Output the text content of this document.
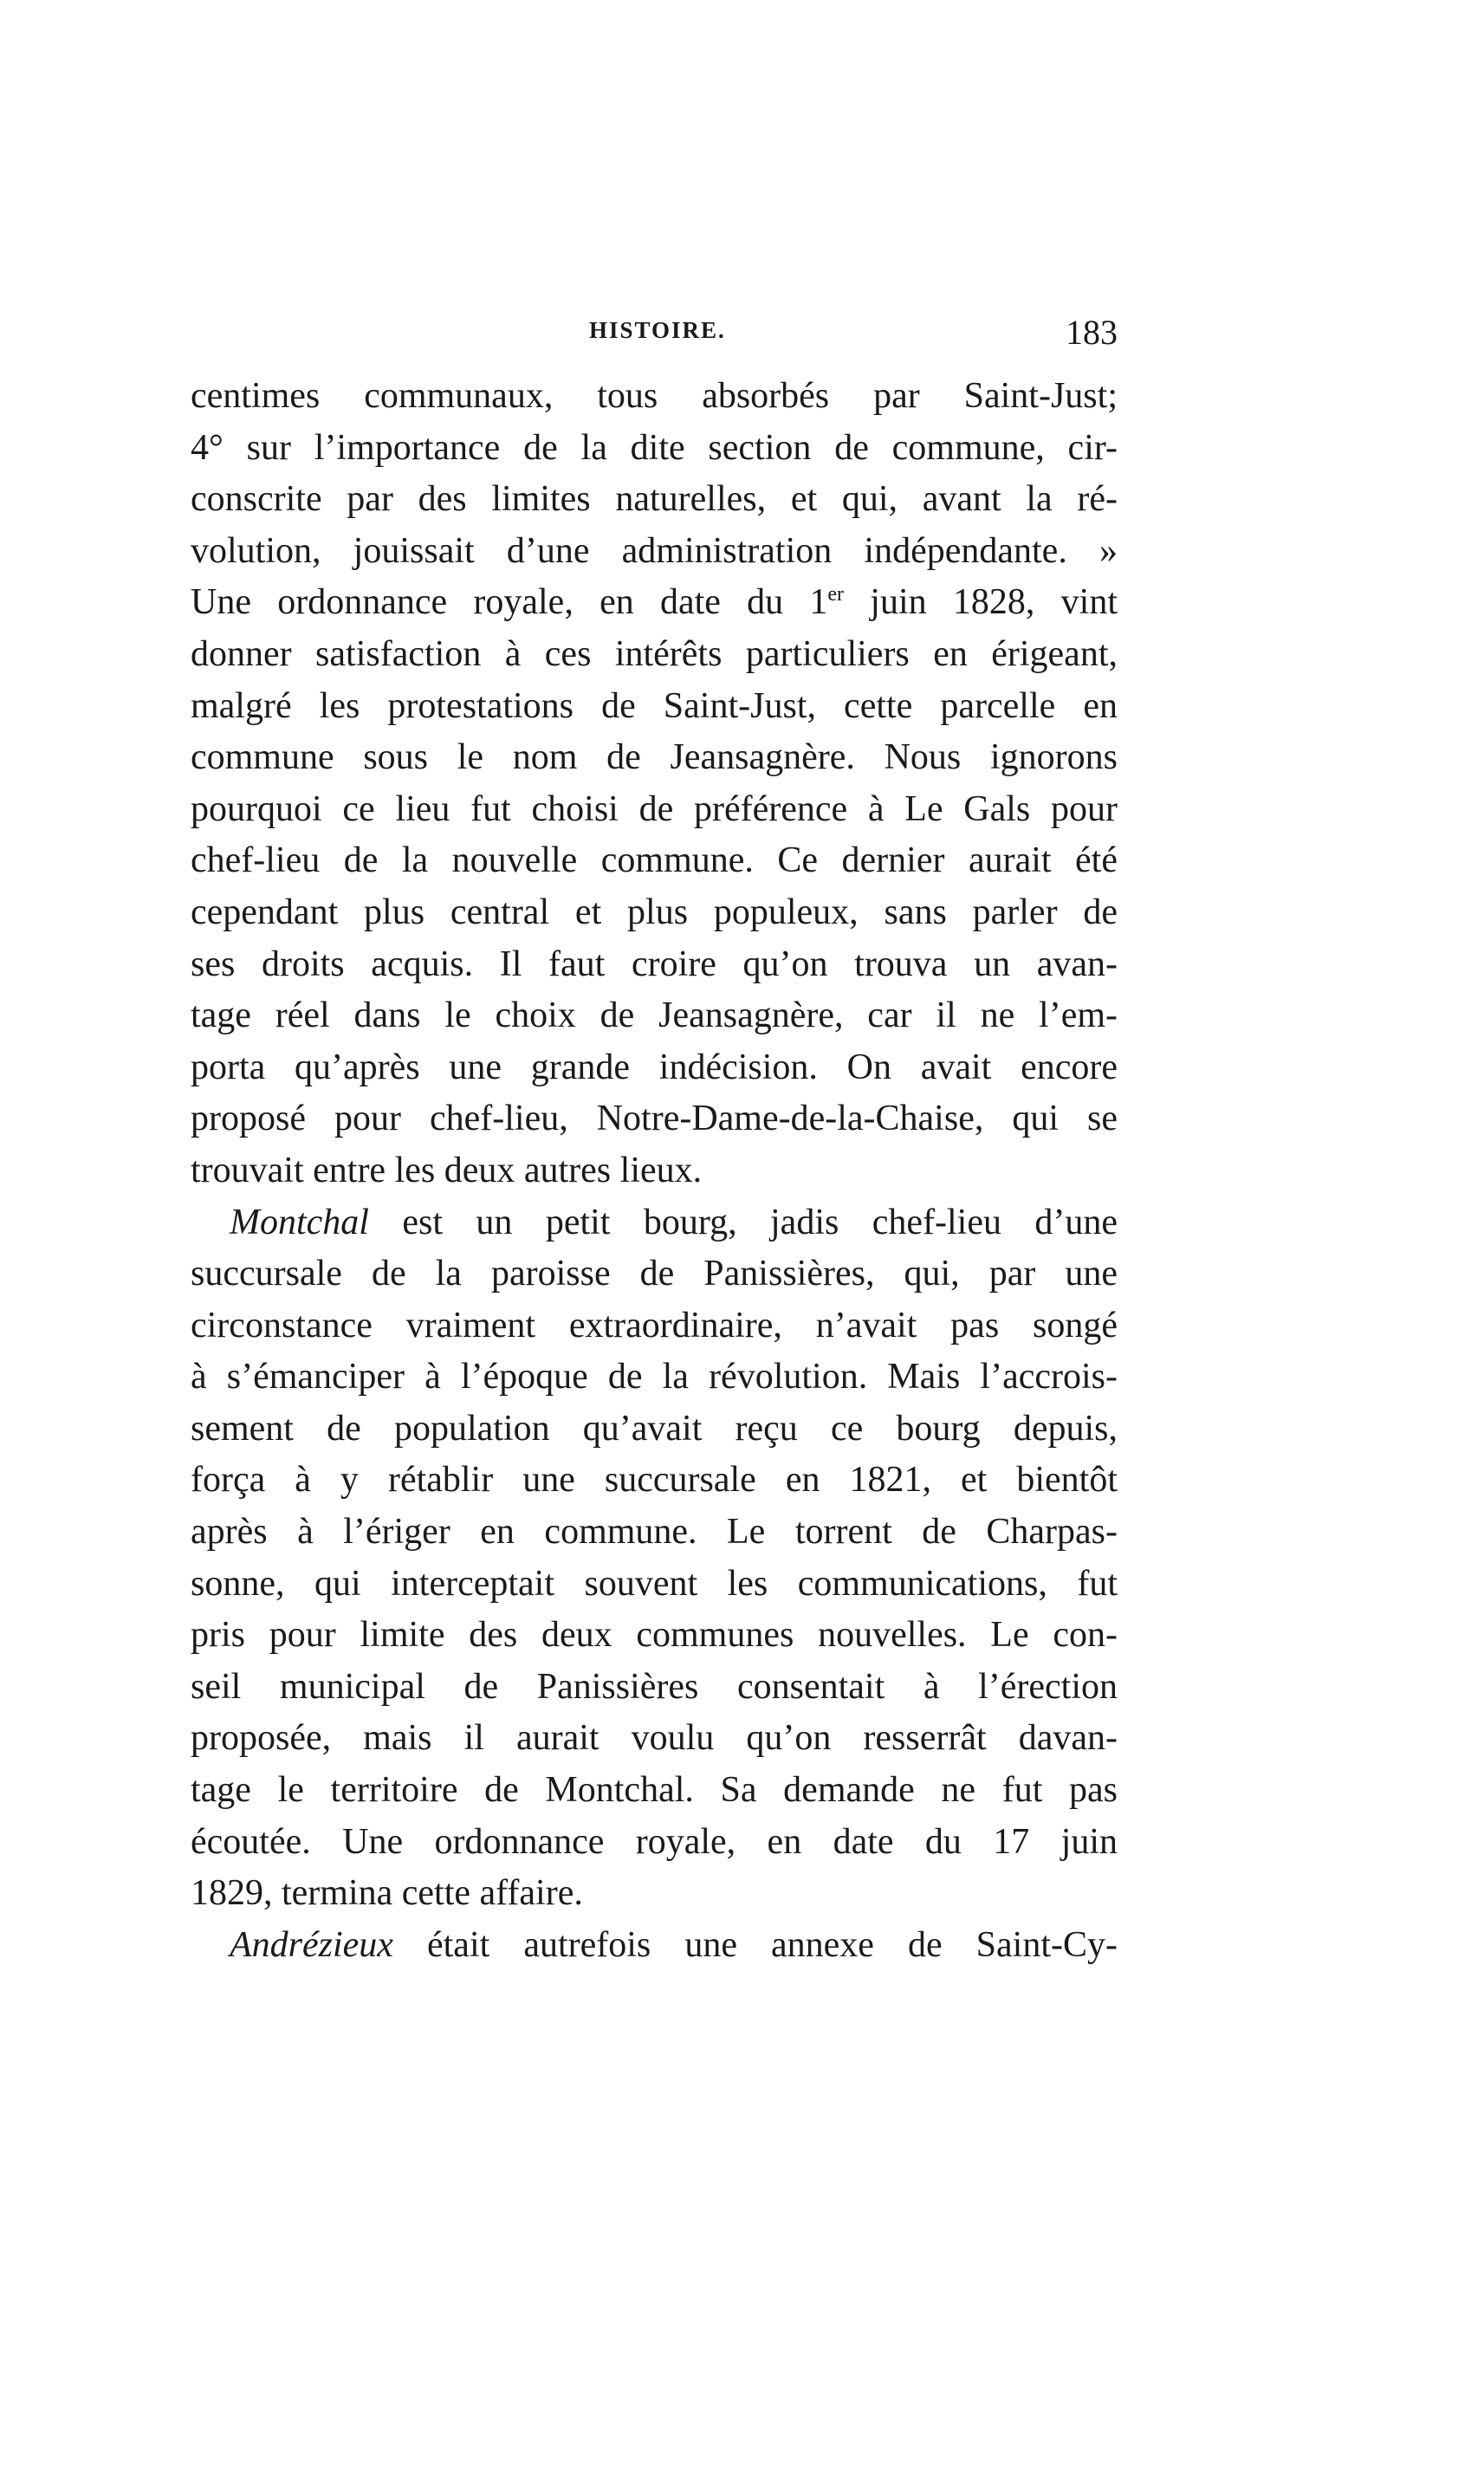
HISTOIRE.	183
centimes communaux, tous absorbés par Saint-Just;
4° sur l’importance de la dite section de commune, cir-
conscrite par des limites naturelles, et qui, avant la ré-
volution, jouissait d’une administration indépendante. »
Une ordonnance royale, en date du 1er juin 1828, vint
donner satisfaction à ces intérêts particuliers en érigeant,
malgré les protestations de Saint-Just, cette parcelle en
commune sous le nom de Jeansagnère. Nous ignorons
pourquoi ce lieu fut choisi de préférence à Le Gals pour
chef-lieu de la nouvelle commune. Ce dernier aurait été
cependant plus central et plus populeux, sans parler de
ses droits acquis. Il faut croire qu’on trouva un avan-
tage réel dans le choix de Jeansagnère, car il ne l’em-
porta qu’après une grande indécision. On avait encore
proposé pour chef-lieu, Notre-Dame-de-la-Chaise, qui se
trouvait entre les deux autres lieux.
Montchal est un petit bourg, jadis chef-lieu d’une
succursale de la paroisse de Panissières, qui, par une
circonstance vraiment extraordinaire, n’avait pas songé
à s’émanciper à l’époque de la révolution. Mais l’accrois-
sement de population qu’avait reçu ce bourg depuis,
força à y rétablir une succursale en 1821, et bientôt
après à l’ériger en commune. Le torrent de Charpas-
sonne, qui interceptait souvent les communications, fut
pris pour limite des deux communes nouvelles. Le con-
seil municipal de Panissières consentait à l’érection
proposée, mais il aurait voulu qu’on resserrât davan-
tage le territoire de Montchal. Sa demande ne fut pas
écoutée. Une ordonnance royale, en date du 17 juin
1829, termina cette affaire.
Andrézieux était autrefois une annexe de Saint-Cy-
